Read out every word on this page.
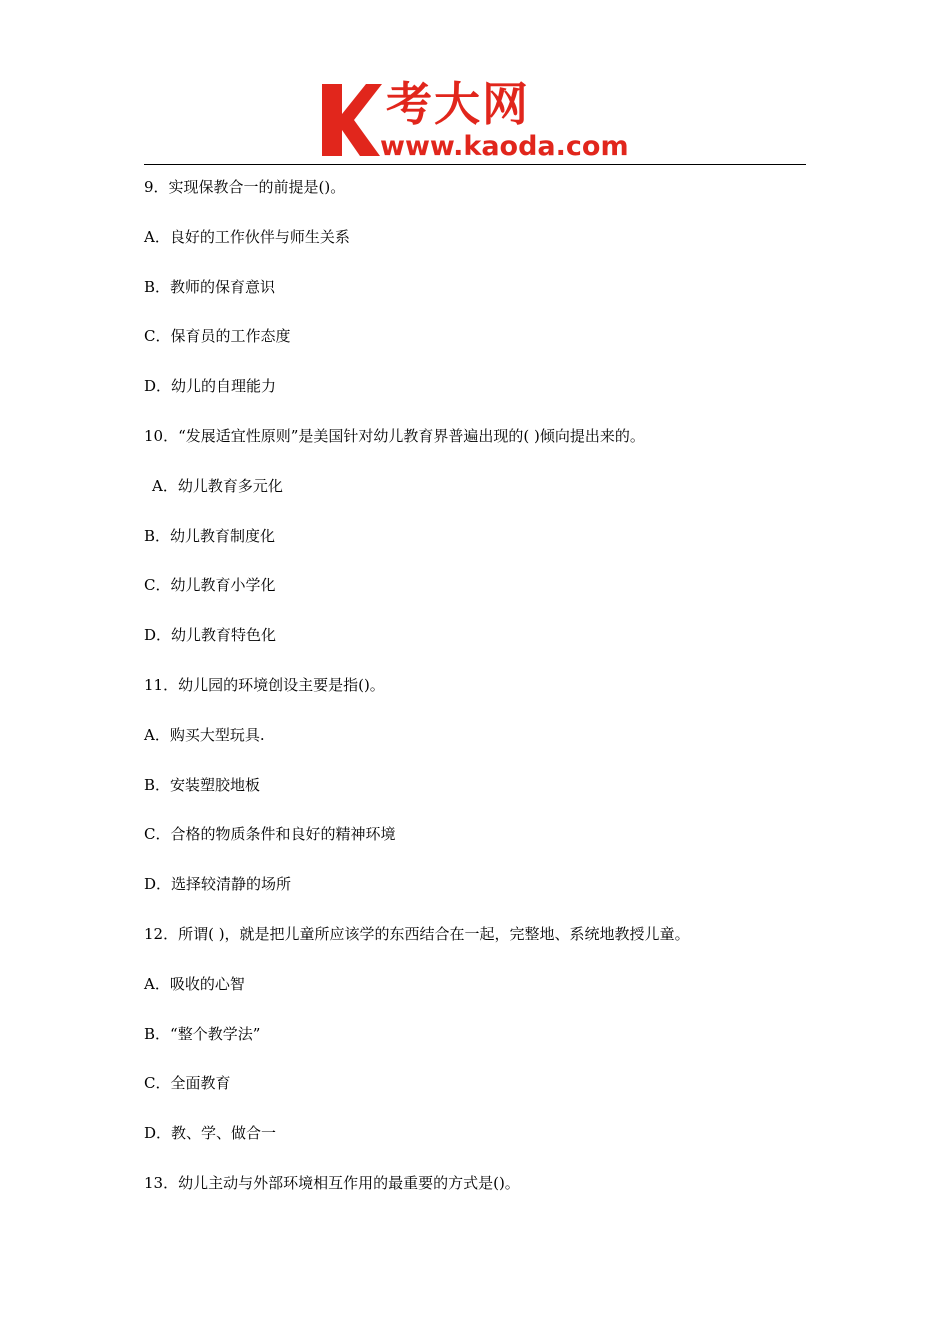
考大网
www.kaoda.com
9．实现保教合一的前提是()。
A．良好的工作伙伴与师生关系
B．教师的保育意识
C．保育员的工作态度
D．幼儿的自理能力
10．“发展适宜性原则”是美国针对幼儿教育界普遍出现的( )倾向提出来的。
A．幼儿教育多元化
B．幼儿教育制度化
C．幼儿教育小学化
D．幼儿教育特色化
11．幼儿园的环境创设主要是指()。
A．购买大型玩具.
B．安装塑胶地板
C．合格的物质条件和良好的精神环境
D．选择较清静的场所
12．所谓( )，就是把儿童所应该学的东西结合在一起，完整地、系统地教授儿童。
A．吸收的心智
B．“整个教学法”
C．全面教育
D．教、学、做合一
13．幼儿主动与外部环境相互作用的最重要的方式是()。
